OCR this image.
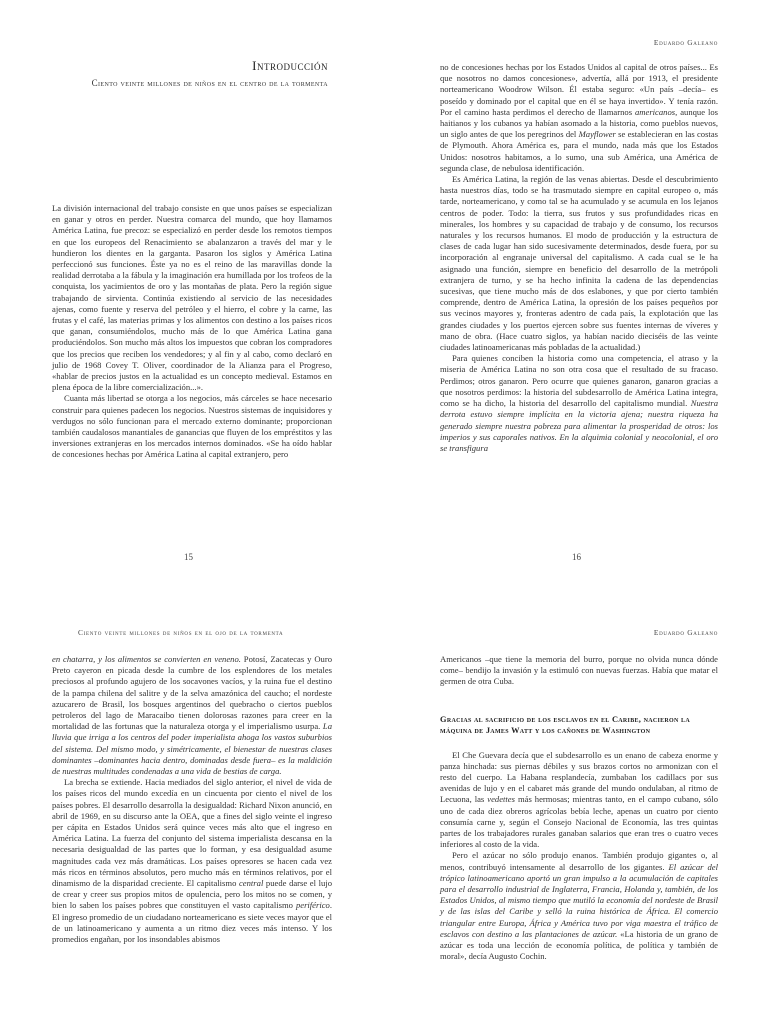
Introducción
Ciento veinte millones de niños en el centro de la tormenta

La división internacional del trabajo consiste en que unos países se especializan en ganar y otros en perder. Nuestra comarca del mundo, que hoy llamamos América Latina, fue precoz: se especializó en perder desde los remotos tiempos en que los europeos del Renacimiento se abalanzaron a través del mar y le hundieron los dientes en la garganta. Pasaron los siglos y América Latina perfeccionó sus funciones. Éste ya no es el reino de las maravillas donde la realidad derrotaba a la fábula y la imaginación era humillada por los trofeos de la conquista, los yacimientos de oro y las montañas de plata. Pero la región sigue trabajando de sirvienta. Continúa existiendo al servicio de las necesidades ajenas, como fuente y reserva del petróleo y el hierro, el cobre y la carne, las frutas y el café, las materias primas y los alimentos con destino a los países ricos que ganan, consumiéndolos, mucho más de lo que América Latina gana produciéndolos. Son mucho más altos los impuestos que cobran los compradores que los precios que reciben los vendedores; y al fin y al cabo, como declaró en julio de 1968 Covey T. Oliver, coordinador de la Alianza para el Progreso, «hablar de precios justos en la actualidad es un concepto medieval. Estamos en plena época de la libre comercialización...».

Cuanta más libertad se otorga a los negocios, más cárceles se hace necesario construir para quienes padecen los negocios. Nuestros sistemas de inquisidores y verdugos no sólo funcionan para el mercado externo dominante; proporcionan también caudalosos manantiales de ganancias que fluyen de los empréstitos y las inversiones extranjeras en los mercados internos dominados. «Se ha oído hablar de concesiones hechas por América Latina al capital extranjero, pero

15
Eduardo Galeano

no de concesiones hechas por los Estados Unidos al capital de otros países... Es que nosotros no damos concesiones», advertía, allá por 1913, el presidente norteamericano Woodrow Wilson. Él estaba seguro: «Un país –decía– es poseído y dominado por el capital que en él se haya invertido». Y tenía razón. Por el camino hasta perdimos el derecho de llamarnos americanos, aunque los haitianos y los cubanos ya habían asomado a la historia, como pueblos nuevos, un siglo antes de que los peregrinos del Mayflower se establecieran en las costas de Plymouth. Ahora América es, para el mundo, nada más que los Estados Unidos: nosotros habitamos, a lo sumo, una sub América, una América de segunda clase, de nebulosa identificación.

Es América Latina, la región de las venas abiertas. Desde el descubrimiento hasta nuestros días, todo se ha trasmutado siempre en capital europeo o, más tarde, norteamericano, y como tal se ha acumulado y se acumula en los lejanos centros de poder. Todo: la tierra, sus frutos y sus profundidades ricas en minerales, los hombres y su capacidad de trabajo y de consumo, los recursos naturales y los recursos humanos. El modo de producción y la estructura de clases de cada lugar han sido sucesivamente determinados, desde fuera, por su incorporación al engranaje universal del capitalismo. A cada cual se le ha asignado una función, siempre en beneficio del desarrollo de la metrópoli extranjera de turno, y se ha hecho infinita la cadena de las dependencias sucesivas, que tiene mucho más de dos eslabones, y que por cierto también comprende, dentro de América Latina, la opresión de los países pequeños por sus vecinos mayores y, fronteras adentro de cada país, la explotación que las grandes ciudades y los puertos ejercen sobre sus fuentes internas de víveres y mano de obra. (Hace cuatro siglos, ya habían nacido dieciséis de las veinte ciudades latinoamericanas más pobladas de la actualidad.)

Para quienes conciben la historia como una competencia, el atraso y la miseria de América Latina no son otra cosa que el resultado de su fracaso. Perdimos; otros ganaron. Pero ocurre que quienes ganaron, ganaron gracias a que nosotros perdimos: la historia del subdesarrollo de América Latina integra, como se ha dicho, la historia del desarrollo del capitalismo mundial. Nuestra derrota estuvo siempre implícita en la victoria ajena; nuestra riqueza ha generado siempre nuestra pobreza para alimentar la prosperidad de otros: los imperios y sus caporales nativos. En la alquimia colonial y neocolonial, el oro se transfigura

16
Ciento veinte millones de niños en el ojo de la tormenta

en chatarra, y los alimentos se convierten en veneno. Potosí, Zacatecas y Ouro Preto cayeron en picada desde la cumbre de los esplendores de los metales preciosos al profundo agujero de los socavones vacíos, y la ruina fue el destino de la pampa chilena del salitre y de la selva amazónica del caucho; el nordeste azucarero de Brasil, los bosques argentinos del quebracho o ciertos pueblos petroleros del lago de Maracaibo tienen dolorosas razones para creer en la mortalidad de las fortunas que la naturaleza otorga y el imperialismo usurpa. La lluvia que irriga a los centros del poder imperialista ahoga los vastos suburbios del sistema. Del mismo modo, y simétricamente, el bienestar de nuestras clases dominantes –dominantes hacia dentro, dominadas desde fuera– es la maldición de nuestras multitudes condenadas a una vida de bestias de carga.

La brecha se extiende. Hacia mediados del siglo anterior, el nivel de vida de los países ricos del mundo excedía en un cincuenta por ciento el nivel de los países pobres. El desarrollo desarrolla la desigualdad: Richard Nixon anunció, en abril de 1969, en su discurso ante la OEA, que a fines del siglo veinte el ingreso per cápita en Estados Unidos será quince veces más alto que el ingreso en América Latina. La fuerza del conjunto del sistema imperialista descansa en la necesaria desigualdad de las partes que lo forman, y esa desigualdad asume magnitudes cada vez más dramáticas. Los países opresores se hacen cada vez más ricos en términos absolutos, pero mucho más en términos relativos, por el dinamismo de la disparidad creciente. El capitalismo central puede darse el lujo de crear y creer sus propios mitos de opulencia, pero los mitos no se comen, y bien lo saben los países pobres que constituyen el vasto capitalismo periférico. El ingreso promedio de un ciudadano norteamericano es siete veces mayor que el de un latinoamericano y aumenta a un ritmo diez veces más intenso. Y los promedios engañan, por los insondables abismos

Eduardo Galeano

Americanos –que tiene la memoria del burro, porque no olvida nunca dónde come– bendijo la invasión y la estimuló con nuevas fuerzas. Había que matar el germen de otra Cuba.

Gracias al sacrificio de los esclavos en el Caribe, nacieron la máquina de James Watt y los cañones de Washington

El Che Guevara decía que el subdesarrollo es un enano de cabeza enorme y panza hinchada: sus piernas débiles y sus brazos cortos no armonizan con el resto del cuerpo. La Habana resplandecía, zumbaban los cadillacs por sus avenidas de lujo y en el cabaret más grande del mundo ondulaban, al ritmo de Lecuona, las vedettes más hermosas; mientras tanto, en el campo cubano, sólo uno de cada diez obreros agrícolas bebía leche, apenas un cuatro por ciento consumía carne y, según el Consejo Nacional de Economía, las tres quintas partes de los trabajadores rurales ganaban salarios que eran tres o cuatro veces inferiores al costo de la vida.

Pero el azúcar no sólo produjo enanos. También produjo gigantes o, al menos, contribuyó intensamente al desarrollo de los gigantes. El azúcar del trópico latinoamericano aportó un gran impulso a la acumulación de capitales para el desarrollo industrial de Inglaterra, Francia, Holanda y, también, de los Estados Unidos, al mismo tiempo que mutiló la economía del nordeste de Brasil y de las islas del Caribe y selló la ruina histórica de África. El comercio triangular entre Europa, África y América tuvo por viga maestra el tráfico de esclavos con destino a las plantaciones de azúcar. «La historia de un grano de azúcar es toda una lección de economía política, de política y también de moral», decía Augusto Cochin.
